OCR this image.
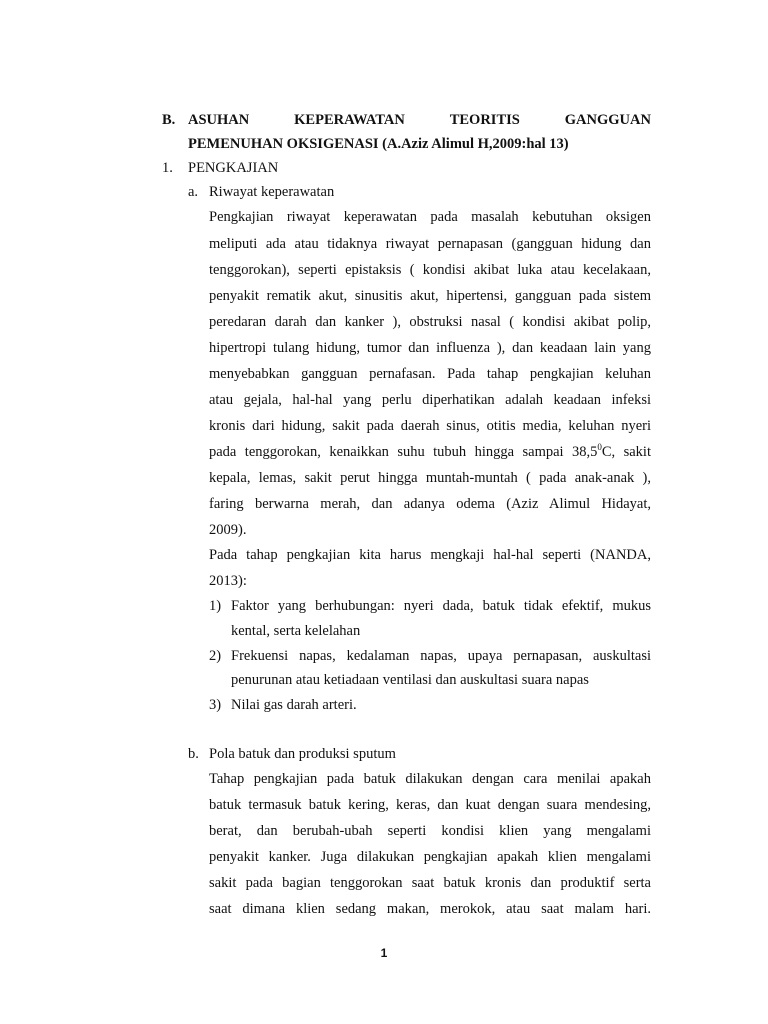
B. ASUHAN	KEPERAWATAN	TEORITIS	GANGGUAN
PEMENUHAN OKSIGENASI (A.Aziz Alimul H,2009:hal 13)
1. PENGKAJIAN
a. Riwayat keperawatan
Pengkajian riwayat keperawatan pada masalah kebutuhan oksigen
meliputi ada atau tidaknya riwayat pernapasan (gangguan hidung dan
tenggorokan), seperti epistaksis ( kondisi akibat luka atau kecelakaan,
penyakit rematik akut, sinusitis akut, hipertensi, gangguan pada sistem
peredaran darah dan kanker ), obstruksi nasal ( kondisi akibat polip,
hipertropi tulang hidung, tumor dan influenza ), dan keadaan lain yang
menyebabkan gangguan pernafasan. Pada tahap pengkajian keluhan
atau gejala, hal-hal yang perlu diperhatikan adalah keadaan infeksi
kronis dari hidung, sakit pada daerah sinus, otitis media, keluhan nyeri
pada tenggorokan, kenaikkan suhu tubuh hingga sampai 38,5$^0$C, sakit
kepala, lemas, sakit perut hingga muntah-muntah ( pada anak-anak ),
faring berwarna merah, dan adanya odema (Aziz Alimul Hidayat,
2009).
Pada tahap pengkajian kita harus mengkaji hal-hal seperti (NANDA,
2013):
1) Faktor yang berhubungan: nyeri dada, batuk tidak efektif, mukus
kental, serta kelelahan
2) Frekuensi napas, kedalaman napas, upaya pernapasan, auskultasi
penurunan atau ketiadaan ventilasi dan auskultasi suara napas
3) Nilai gas darah arteri.
b. Pola batuk dan produksi sputum
Tahap pengkajian pada batuk dilakukan dengan cara menilai apakah
batuk termasuk batuk kering, keras, dan kuat dengan suara mendesing,
berat, dan berubah-ubah seperti kondisi klien yang mengalami
penyakit kanker. Juga dilakukan pengkajian apakah klien mengalami
sakit pada bagian tenggorokan saat batuk kronis dan produktif serta
saat dimana klien sedang makan, merokok, atau saat malam hari.
1
